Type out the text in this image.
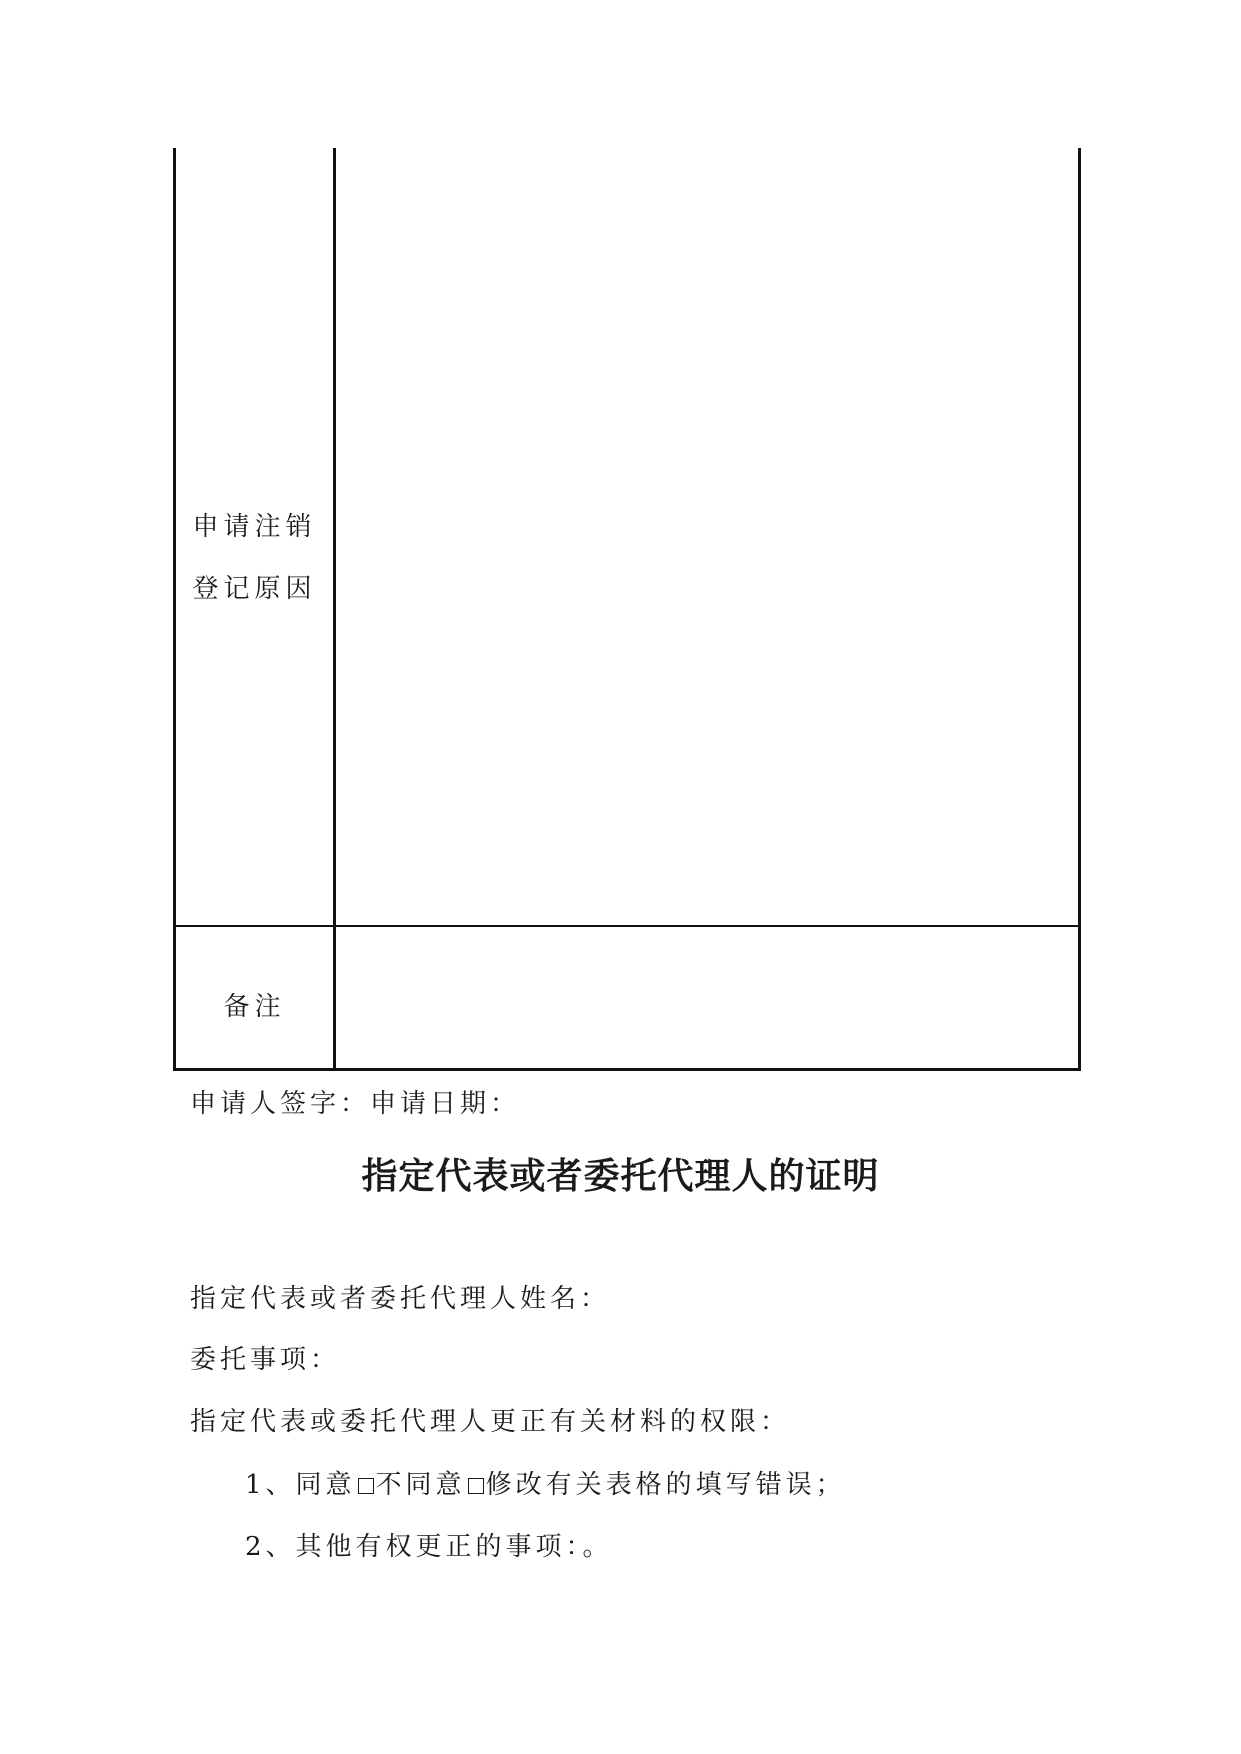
申请注销
登记原因
备注
申请人签字：申请日期：
指定代表或者委托代理人的证明
指定代表或者委托代理人姓名：
委托事项：
指定代表或委托代理人更正有关材料的权限：
1、同意 不同意 修改有关表格的填写错误；
2、其他有权更正的事项：。
